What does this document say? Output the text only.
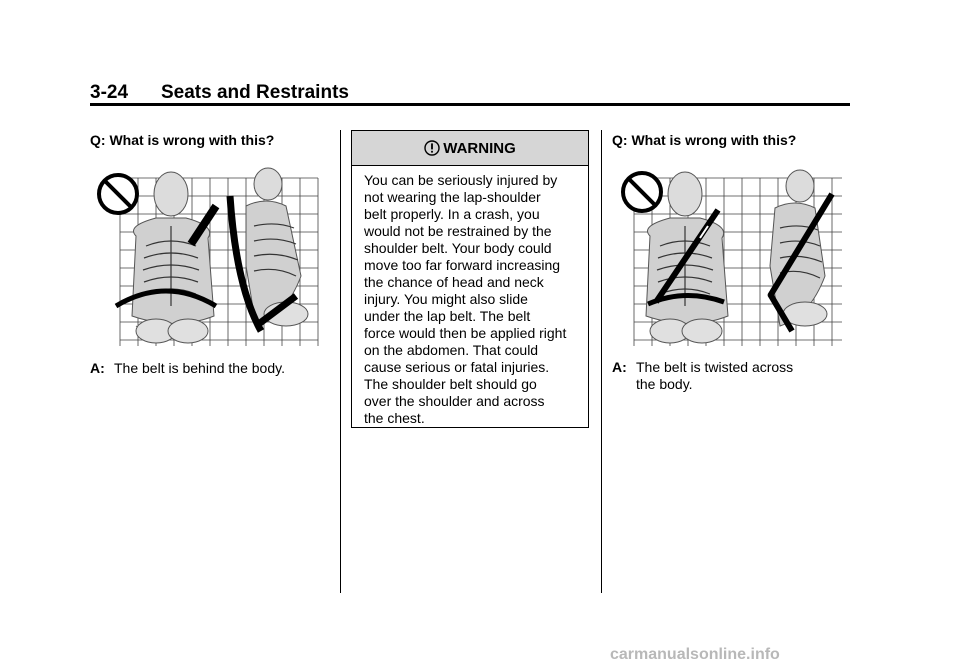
3-24 Seats and Restraints
Q: What is wrong with this?
A: The belt is behind the body.
WARNING
You can be seriously injured by
not wearing the lap-shoulder
belt properly. In a crash, you
would not be restrained by the
shoulder belt. Your body could
move too far forward increasing
the chance of head and neck
injury. You might also slide
under the lap belt. The belt
force would then be applied right
on the abdomen. That could
cause serious or fatal injuries.
The shoulder belt should go
over the shoulder and across
the chest.
Q: What is wrong with this?
A: The belt is twisted across
the body.
carmanualsonline.info
